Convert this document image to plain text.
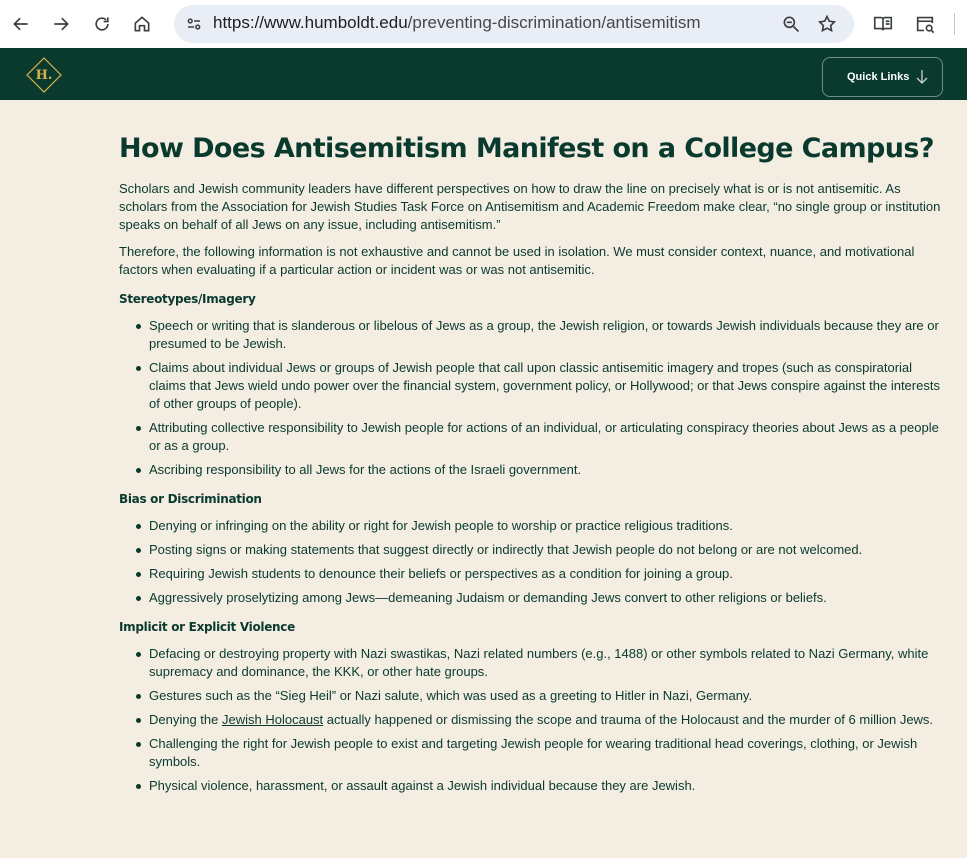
https://www.humboldt.edu/preventing-discrimination/antisemitism
H.	Quick Links
How Does Antisemitism Manifest on a College Campus?

Scholars and Jewish community leaders have different perspectives on how to draw the line on precisely what is or is not antisemitic. As scholars from the Association for Jewish Studies Task Force on Antisemitism and Academic Freedom make clear, “no single group or institution speaks on behalf of all Jews on any issue, including antisemitism.”

Therefore, the following information is not exhaustive and cannot be used in isolation. We must consider context, nuance, and motivational factors when evaluating if a particular action or incident was or was not antisemitic.

Stereotypes/Imagery
Speech or writing that is slanderous or libelous of Jews as a group, the Jewish religion, or towards Jewish individuals because they are or presumed to be Jewish.
Claims about individual Jews or groups of Jewish people that call upon classic antisemitic imagery and tropes (such as conspiratorial claims that Jews wield undo power over the financial system, government policy, or Hollywood; or that Jews conspire against the interests of other groups of people).
Attributing collective responsibility to Jewish people for actions of an individual, or articulating conspiracy theories about Jews as a people or as a group.
Ascribing responsibility to all Jews for the actions of the Israeli government.
Bias or Discrimination
Denying or infringing on the ability or right for Jewish people to worship or practice religious traditions.
Posting signs or making statements that suggest directly or indirectly that Jewish people do not belong or are not welcomed.
Requiring Jewish students to denounce their beliefs or perspectives as a condition for joining a group.
Aggressively proselytizing among Jews—demeaning Judaism or demanding Jews convert to other religions or beliefs.
Implicit or Explicit Violence
Defacing or destroying property with Nazi swastikas, Nazi related numbers (e.g., 1488) or other symbols related to Nazi Germany, white supremacy and dominance, the KKK, or other hate groups.
Gestures such as the “Sieg Heil” or Nazi salute, which was used as a greeting to Hitler in Nazi, Germany.
Denying the Jewish Holocaust actually happened or dismissing the scope and trauma of the Holocaust and the murder of 6 million Jews.
Challenging the right for Jewish people to exist and targeting Jewish people for wearing traditional head coverings, clothing, or Jewish symbols.
Physical violence, harassment, or assault against a Jewish individual because they are Jewish.
